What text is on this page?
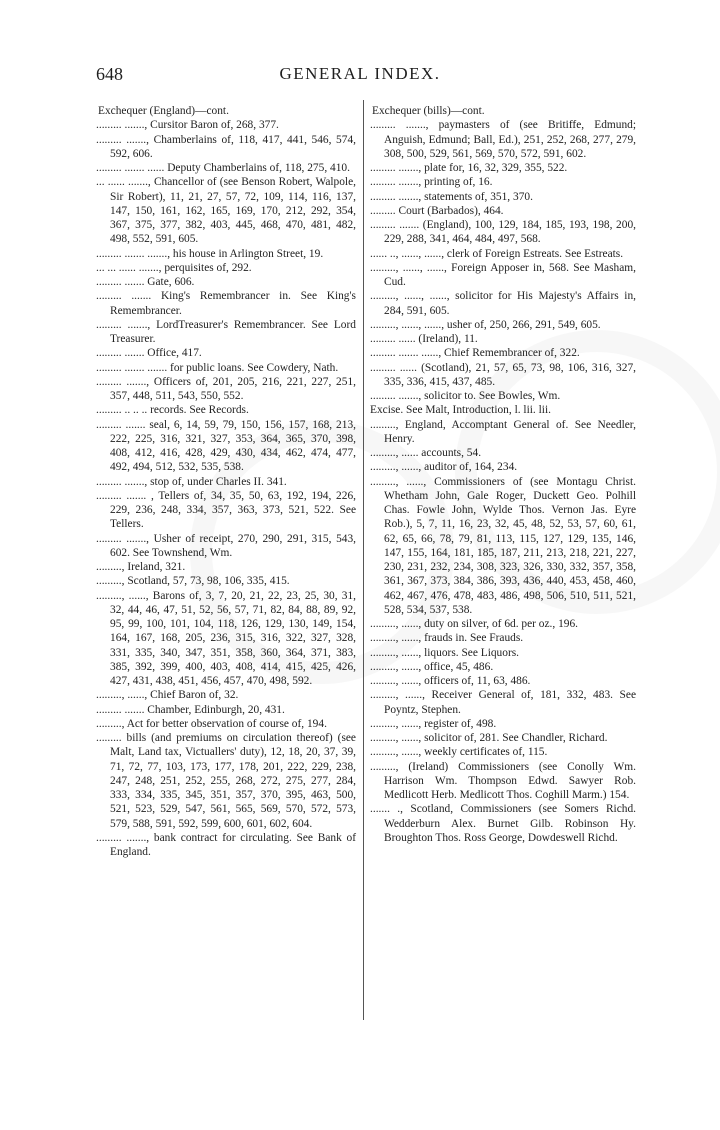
648	GENERAL INDEX.
Exchequer (England)—cont.
......... ......., Cursitor Baron of, 268, 377.
......... ......., Chamberlains of, 118, 417, 441, 546, 574, 592, 606.
......... ....... ...... Deputy Chamberlains of, 118, 275, 410.
... ...... ......., Chancellor of (see Benson Robert, Walpole, Sir Robert), 11, 21, 27, 57, 72, 109, 114, 116, 137, 147, 150, 161, 162, 165, 169, 170, 212, 292, 354, 367, 375, 377, 382, 403, 445, 468, 470, 481, 482, 498, 552, 591, 605.
......... ....... ......., his house in Arlington Street, 19.
... ... ...... ......., perquisites of, 292.
......... ....... Gate, 606.
......... ....... King's Remembrancer in. See King's Remembrancer.
......... ......., LordTreasurer's Remembrancer. See Lord Treasurer.
......... ....... Office, 417.
......... ....... ....... for public loans. See Cowdery, Nath.
......... ......., Officers of, 201, 205, 216, 221, 227, 251, 357, 448, 511, 543, 550, 552.
......... .. .. .. records. See Records.
......... ....... seal, 6, 14, 59, 79, 150, 156, 157, 168, 213, 222, 225, 316, 321, 327, 353, 364, 365, 370, 398, 408, 412, 416, 428, 429, 430, 434, 462, 474, 477, 492, 494, 512, 532, 535, 538.
......... ......., stop of, under Charles II. 341.
......... ....... , Tellers of, 34, 35, 50, 63, 192, 194, 226, 229, 236, 248, 334, 357, 363, 373, 521, 522. See Tellers.
......... ......., Usher of receipt, 270, 290, 291, 315, 543, 602. See Townshend, Wm.
........., Ireland, 321.
........., Scotland, 57, 73, 98, 106, 335, 415.
........., ......, Barons of, 3, 7, 20, 21, 22, 23, 25, 30, 31, 32, 44, 46, 47, 51, 52, 56, 57, 71, 82, 84, 88, 89, 92, 95, 99, 100, 101, 104, 118, 126, 129, 130, 149, 154, 164, 167, 168, 205, 236, 315, 316, 322, 327, 328, 331, 335, 340, 347, 351, 358, 360, 364, 371, 383, 385, 392, 399, 400, 403, 408, 414, 415, 425, 426, 427, 431, 438, 451, 456, 457, 470, 498, 592.
........., ......, Chief Baron of, 32.
......... ....... Chamber, Edinburgh, 20, 431.
........., Act for better observation of course of, 194.
......... bills (and premiums on circulation thereof) (see Malt, Land tax, Victuallers' duty), 12, 18, 20, 37, 39, 71, 72, 77, 103, 173, 177, 178, 201, 222, 229, 238, 247, 248, 251, 252, 255, 268, 272, 275, 277, 284, 333, 334, 335, 345, 351, 357, 370, 395, 463, 500, 521, 523, 529, 547, 561, 565, 569, 570, 572, 573, 579, 588, 591, 592, 599, 600, 601, 602, 604.
......... ......., bank contract for circulating. See Bank of England.
Exchequer (bills)—cont.
......... ......., paymasters of (see Britiffe, Edmund; Anguish, Edmund; Ball, Ed.), 251, 252, 268, 277, 279, 308, 500, 529, 561, 569, 570, 572, 591, 602.
......... ......., plate for, 16, 32, 329, 355, 522.
......... ......., printing of, 16.
......... ......., statements of, 351, 370.
......... Court (Barbados), 464.
......... ....... (England), 100, 129, 184, 185, 193, 198, 200, 229, 288, 341, 464, 484, 497, 568.
...... .., ......, ......, clerk of Foreign Estreats. See Estreats.
........., ......, ......, Foreign Apposer in, 568. See Masham, Cud.
........., ......, ......, solicitor for His Majesty's Affairs in, 284, 591, 605.
........., ......, ......, usher of, 250, 266, 291, 549, 605.
......... ...... (Ireland), 11.
......... ....... ......, Chief Remembrancer of, 322.
......... ...... (Scotland), 21, 57, 65, 73, 98, 106, 316, 327, 335, 336, 415, 437, 485.
......... ......., solicitor to. See Bowles, Wm.
Excise. See Malt, Introduction, l. lii. lii.
........., England, Accomptant General of. See Needler, Henry.
........., ...... accounts, 54.
........., ......, auditor of, 164, 234.
........., ......, Commissioners of (see Montagu Christ. Whetham John, Gale Roger, Duckett Geo. Polhill Chas. Fowle John, Wylde Thos. Vernon Jas. Eyre Rob.), 5, 7, 11, 16, 23, 32, 45, 48, 52, 53, 57, 60, 61, 62, 65, 66, 78, 79, 81, 113, 115, 127, 129, 135, 146, 147, 155, 164, 181, 185, 187, 211, 213, 218, 221, 227, 230, 231, 232, 234, 308, 323, 326, 330, 332, 357, 358, 361, 367, 373, 384, 386, 393, 436, 440, 453, 458, 460, 462, 467, 476, 478, 483, 486, 498, 506, 510, 511, 521, 528, 534, 537, 538.
........., ......, duty on silver, of 6d. per oz., 196.
........., ......, frauds in. See Frauds.
........., ......, liquors. See Liquors.
........., ......, office, 45, 486.
........., ......, officers of, 11, 63, 486.
........., ......, Receiver General of, 181, 332, 483. See Poyntz, Stephen.
........., ......, register of, 498.
........., ......, solicitor of, 281. See Chandler, Richard.
........., ......, weekly certificates of, 115.
........., (Ireland) Commissioners (see Conolly Wm. Harrison Wm. Thompson Edwd. Sawyer Rob. Medlicott Herb. Medlicott Thos. Coghill Marm.) 154.
....... ., Scotland, Commissioners (see Somers Richd. Wedderburn Alex. Burnet Gilb. Robinson Hy. Broughton Thos. Ross George, Dowdeswell Richd.
